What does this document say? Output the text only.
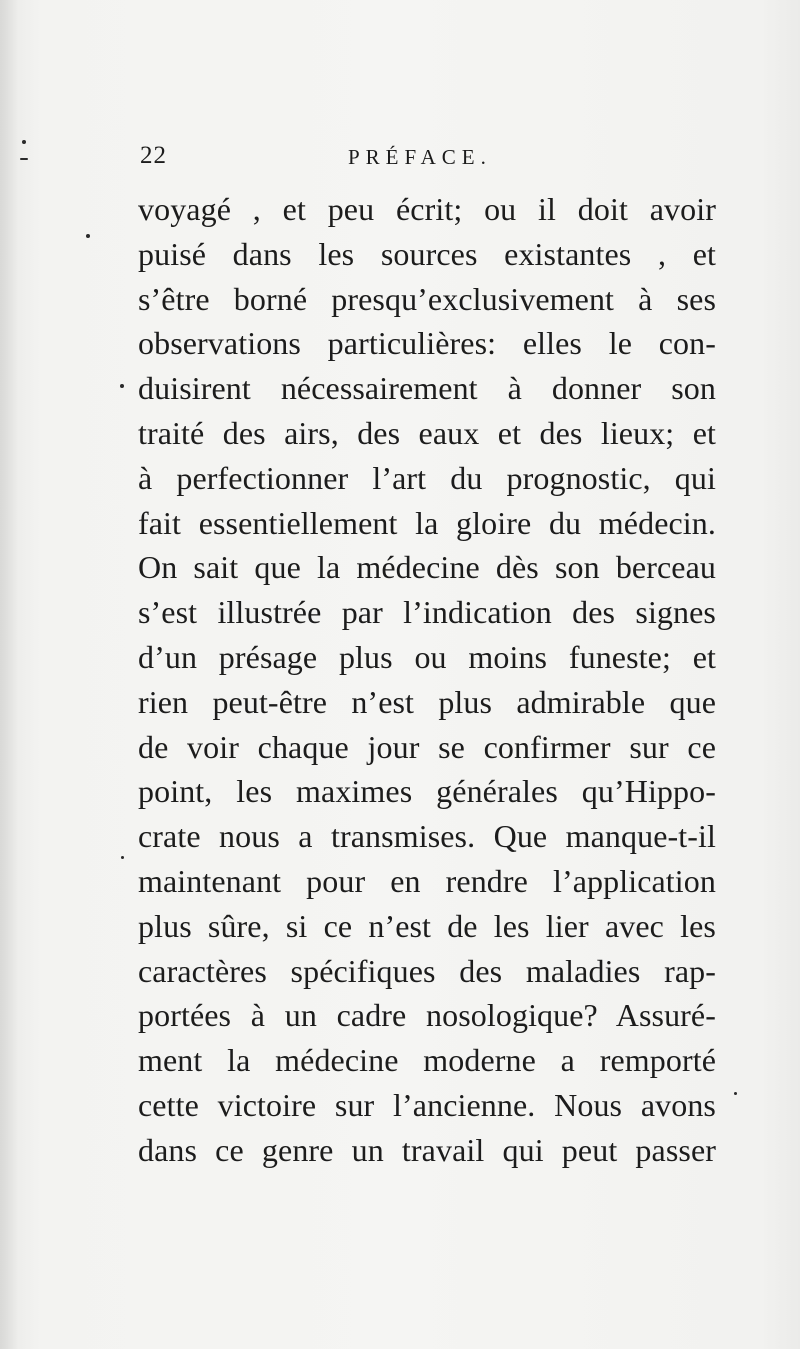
22	PRÉFACE.
voyagé , et peu écrit; ou il doit avoir
puisé dans les sources existantes , et
s’être borné presqu’exclusivement à ses
observations particulières: elles le con-
duisirent nécessairement à donner son
traité des airs, des eaux et des lieux; et
à perfectionner l’art du prognostic, qui
fait essentiellement la gloire du médecin.
On sait que la médecine dès son berceau
s’est illustrée par l’indication des signes
d’un présage plus ou moins funeste; et
rien peut-être n’est plus admirable que
de voir chaque jour se confirmer sur ce
point, les maximes générales qu’Hippo-
crate nous a transmises. Que manque-t-il
maintenant pour en rendre l’application
plus sûre, si ce n’est de les lier avec les
caractères spécifiques des maladies rap-
portées à un cadre nosologique? Assuré-
ment la médecine moderne a remporté
cette victoire sur l’ancienne. Nous avons
dans ce genre un travail qui peut passer
